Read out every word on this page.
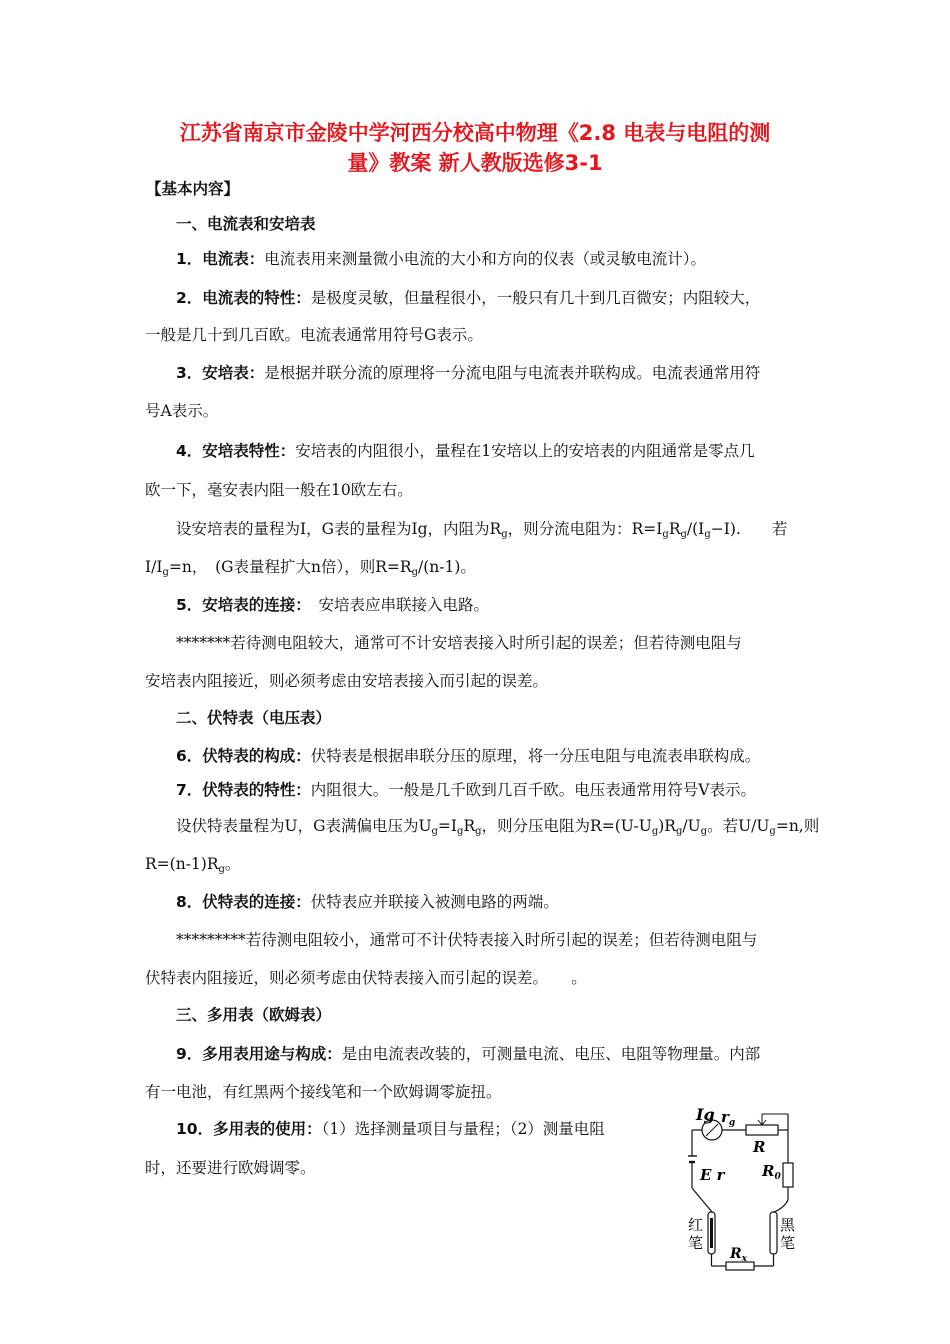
江苏省南京市金陵中学河西分校高中物理《2.8 电表与电阻的测
量》教案 新人教版选修3-1
【基本内容】
一、电流表和安培表
1．电流表：电流表用来测量微小电流的大小和方向的仪表（或灵敏电流计）。
2．电流表的特性：是极度灵敏，但量程很小，一般只有几十到几百微安；内阻较大，
一般是几十到几百欧。电流表通常用符号G表示。
3．安培表：是根据并联分流的原理将一分流电阻与电流表并联构成。电流表通常用符
号A表示。
4．安培表特性：安培表的内阻很小，量程在1安培以上的安培表的内阻通常是零点几
欧一下，毫安表内阻一般在10欧左右。
设安培表的量程为I，G表的量程为Ig，内阻为$R_g$，则分流电阻为：$R=I_gR_g/(I_g-I)$.　　若
$I/I_g=n$，　(G表量程扩大n倍），则$R=R_g/(n-1)$。
5．安培表的连接：　安培表应串联接入电路。
*******若待测电阻较大，通常可不计安培表接入时所引起的误差；但若待测电阻与
安培表内阻接近，则必须考虑由安培表接入而引起的误差。
二、伏特表（电压表）
6．伏特表的构成：伏特表是根据串联分压的原理，将一分压电阻与电流表串联构成。
7．伏特表的特性：内阻很大。一般是几千欧到几百千欧。电压表通常用符号V表示。
设伏特表量程为U，G表满偏电压为$U_g=I_gR_g$，则分压电阻为$R=(U-U_g)R_g/U_g$。若$U/U_g=n$,则
$R=(n-1)R_g$。
8．伏特表的连接：伏特表应并联接入被测电路的两端。
*********若待测电阻较小，通常可不计伏特表接入时所引起的误差；但若待测电阻与
伏特表内阻接近，则必须考虑由伏特表接入而引起的误差。　　。
三、多用表（欧姆表）
9．多用表用途与构成：是由电流表改装的，可测量电流、电压、电阻等物理量。内部
有一电池，有红黑两个接线笔和一个欧姆调零旋扭。
10．多用表的使用：（1）选择测量项目与量程；（2）测量电阻
时，还要进行欧姆调零。
Ig $r_g$
R
$R_0$
E r
红
笔
黑
笔
$R_x$
